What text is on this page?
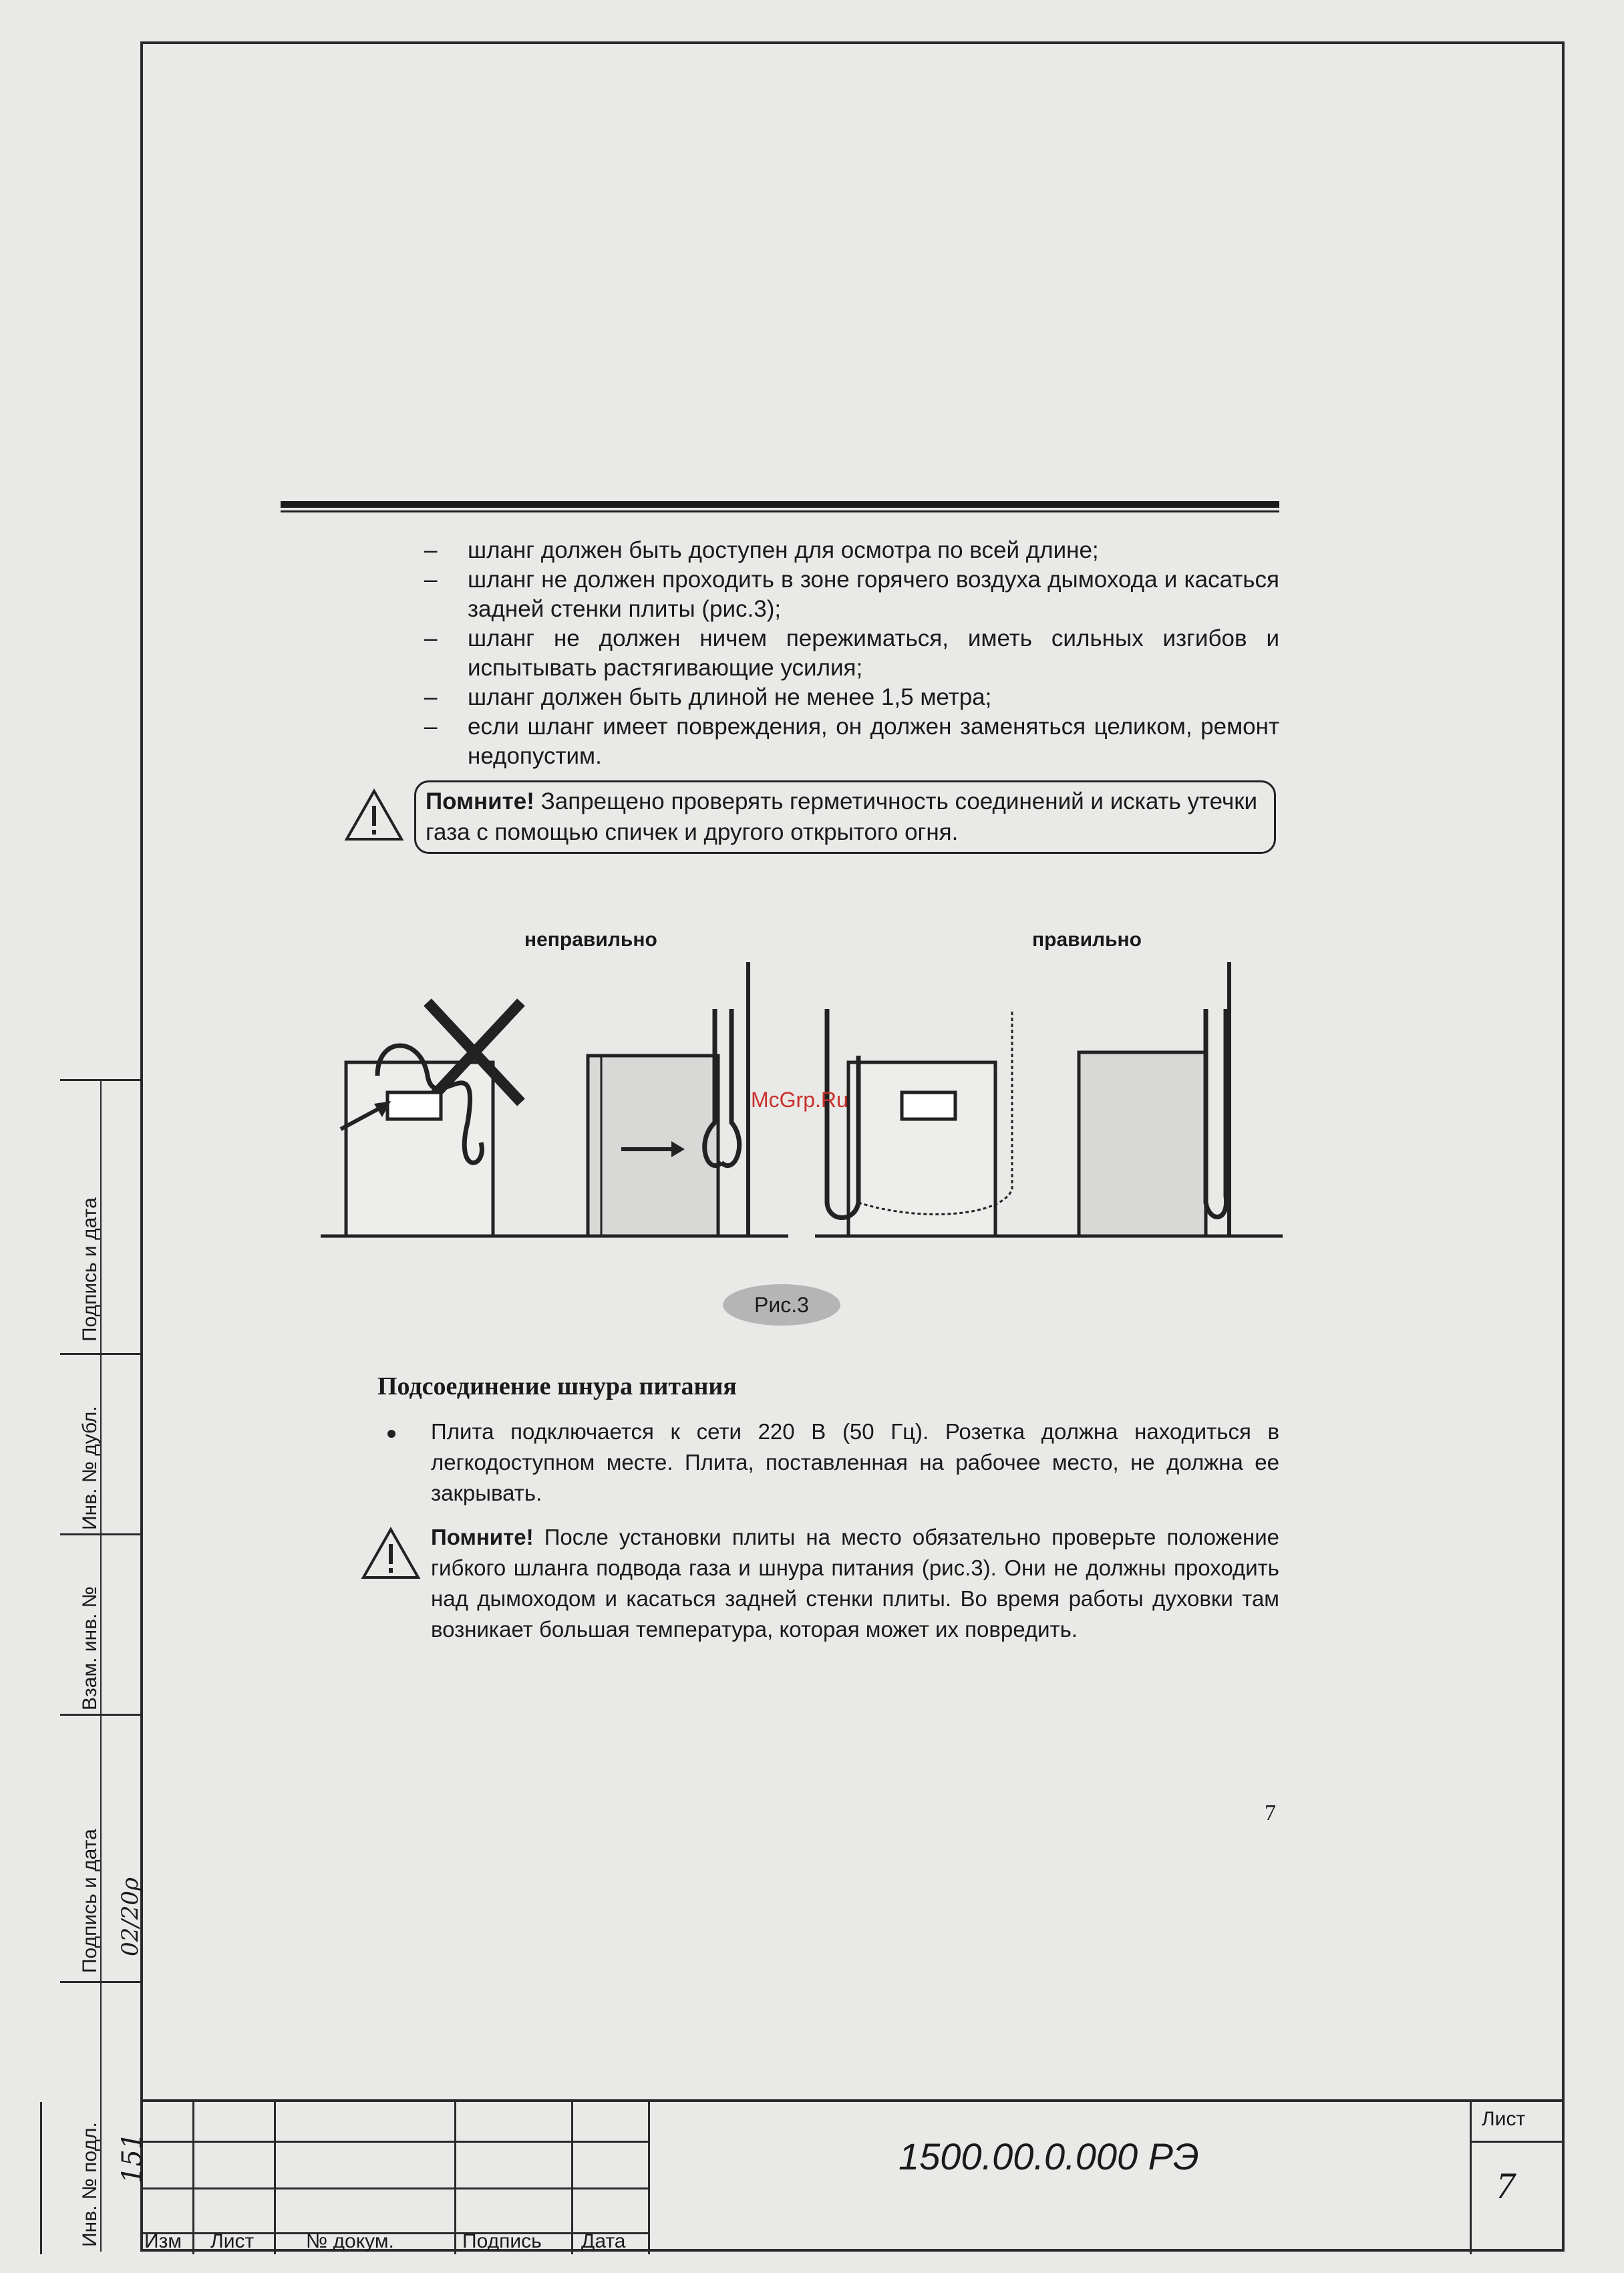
– шланг должен быть доступен для осмотра по всей длине;
– шланг не должен проходить в зоне горячего воздуха дымохода и касаться задней стенки плиты (рис.3);
– шланг не должен ничем пережиматься, иметь сильных изгибов и испытывать растягивающие усилия;
– шланг должен быть длиной не менее 1,5 метра;
– если шланг имеет повреждения, он должен заменяться целиком, ремонт недопустим.
Помните! Запрещено проверять герметичность соединений и искать утечки газа с помощью спичек и другого открытого огня.
неправильно	правильно
McGrp.Ru
Рис.3
Подсоединение шнура питания
Плита подключается к сети 220 В (50 Гц). Розетка должна находиться в легкодоступном месте. Плита, поставленная на рабочее место, не должна ее закрывать.
Помните! После установки плиты на место обязательно проверьте положение гибкого шланга подвода газа и шнура питания (рис.3). Они не должны проходить над дымоходом и касаться задней стенки плиты. Во время работы духовки там возникает большая температура, которая может их повредить.
7
Подпись и дата
Инв. № дубл.
Взам. инв. №
Подпись и дата 02/20ρ
Инв. № подл. 151
Изм Лист	№ докум.	Подпись Дата
1500.00.0.000 РЭ
Лист
7
